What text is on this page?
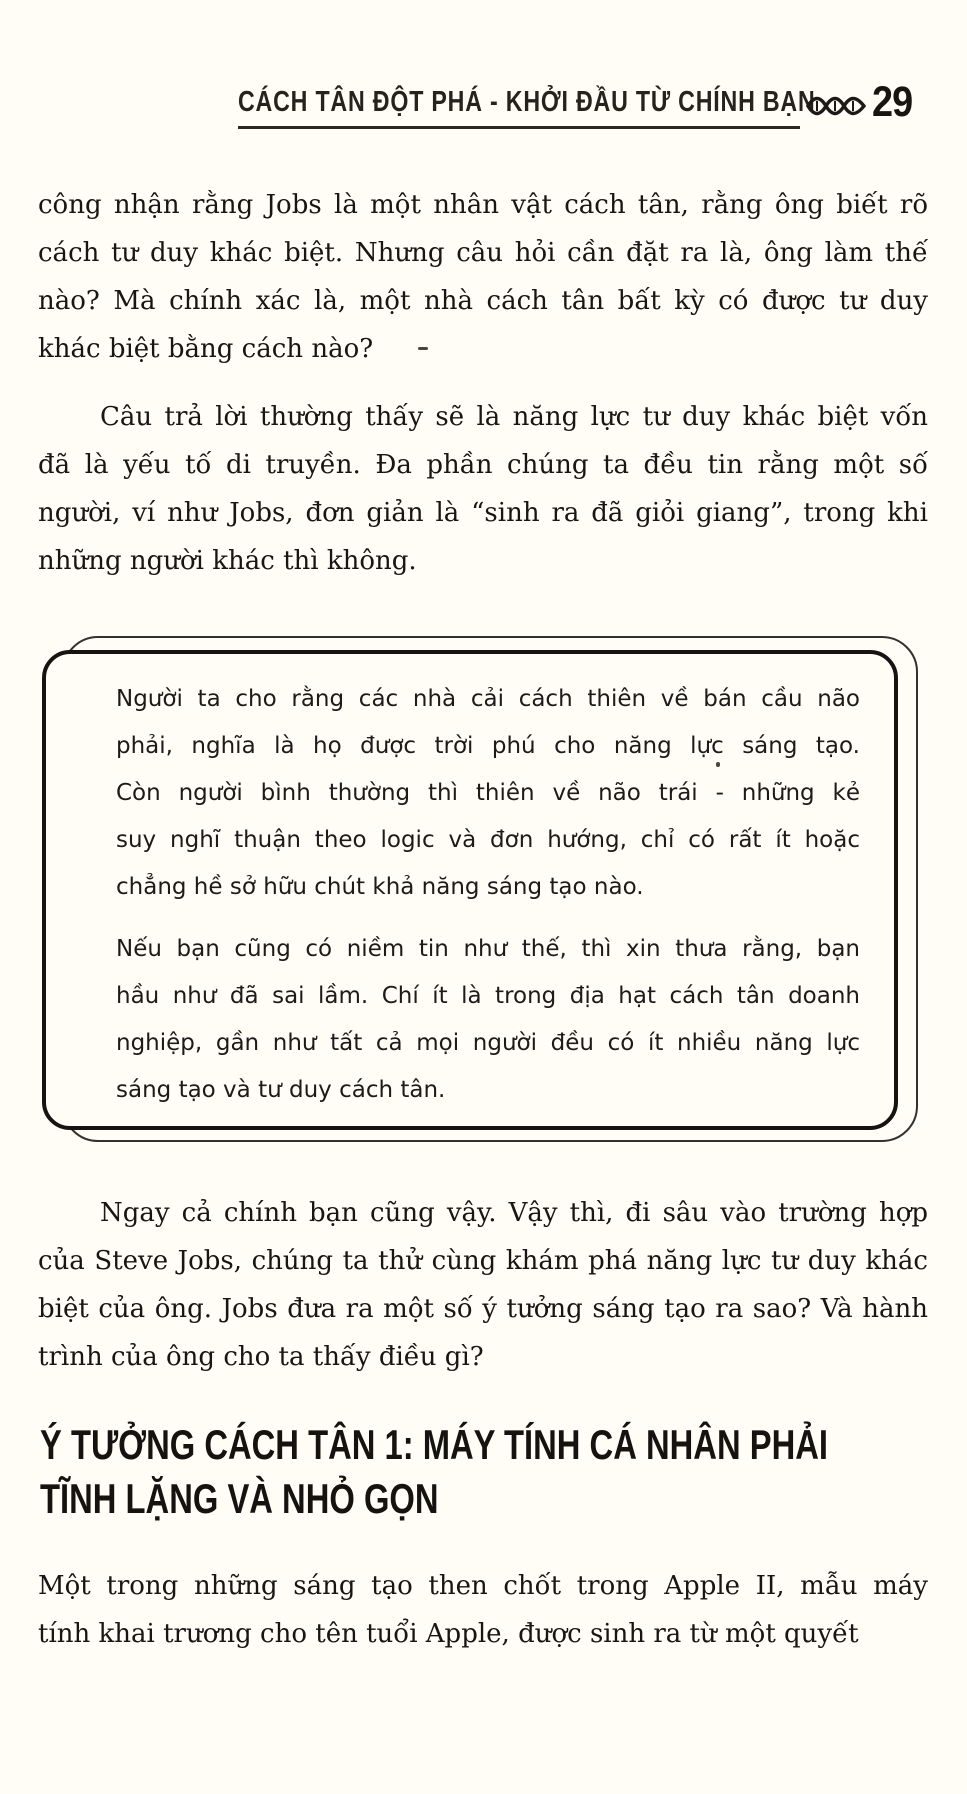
CÁCH TÂN ĐỘT PHÁ - KHỞI ĐẦU TỪ CHÍNH BẠN 29
công nhận rằng Jobs là một nhân vật cách tân, rằng ông biết rõ
cách tư duy khác biệt. Nhưng câu hỏi cần đặt ra là, ông làm thế
nào? Mà chính xác là, một nhà cách tân bất kỳ có được tư duy
khác biệt bằng cách nào?
Câu trả lời thường thấy sẽ là năng lực tư duy khác biệt vốn
đã là yếu tố di truyền. Đa phần chúng ta đều tin rằng một số
người, ví như Jobs, đơn giản là “sinh ra đã giỏi giang”, trong khi
những người khác thì không.
Người ta cho rằng các nhà cải cách thiên về bán cầu não
phải, nghĩa là họ được trời phú cho năng lực sáng tạo.
Còn người bình thường thì thiên về não trái - những kẻ
suy nghĩ thuận theo logic và đơn hướng, chỉ có rất ít hoặc
chẳng hề sở hữu chút khả năng sáng tạo nào.
Nếu bạn cũng có niềm tin như thế, thì xin thưa rằng, bạn
hầu như đã sai lầm. Chí ít là trong địa hạt cách tân doanh
nghiệp, gần như tất cả mọi người đều có ít nhiều năng lực
sáng tạo và tư duy cách tân.
Ngay cả chính bạn cũng vậy. Vậy thì, đi sâu vào trường hợp
của Steve Jobs, chúng ta thử cùng khám phá năng lực tư duy khác
biệt của ông. Jobs đưa ra một số ý tưởng sáng tạo ra sao? Và hành
trình của ông cho ta thấy điều gì?
Ý TƯỞNG CÁCH TÂN 1: MÁY TÍNH CÁ NHÂN PHẢI
TĨNH LẶNG VÀ NHỎ GỌN
Một trong những sáng tạo then chốt trong Apple II, mẫu máy
tính khai trương cho tên tuổi Apple, được sinh ra từ một quyết
